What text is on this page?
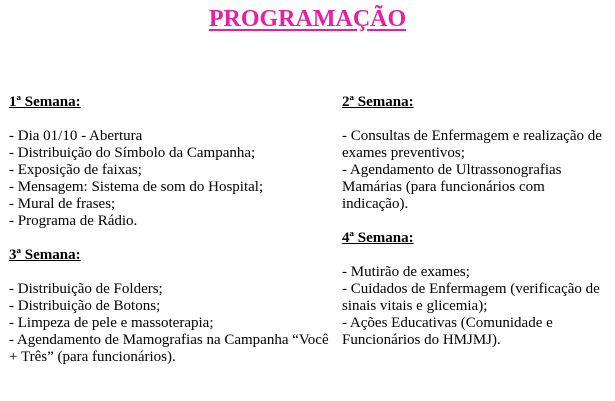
PROGRAMAÇÃO

1ª Semana:

- Dia 01/10 - Abertura
- Distribuição do Símbolo da Campanha;
- Exposição de faixas;
- Mensagem: Sistema de som do Hospital;
- Mural de frases;
- Programa de Rádio.

3ª Semana:

- Distribuição de Folders;
- Distribuição de Botons;
- Limpeza de pele e massoterapia;
- Agendamento de Mamografias na Campanha “Você + Três” (para funcionários).

2ª Semana:

- Consultas de Enfermagem e realização de exames preventivos;
- Agendamento de Ultrassonografias Mamárias (para funcionários com indicação).

4ª Semana:

- Mutirão de exames;
- Cuidados de Enfermagem (verificação de sinais vitais e glicemia);
- Ações Educativas (Comunidade e Funcionários do HMJMJ).
